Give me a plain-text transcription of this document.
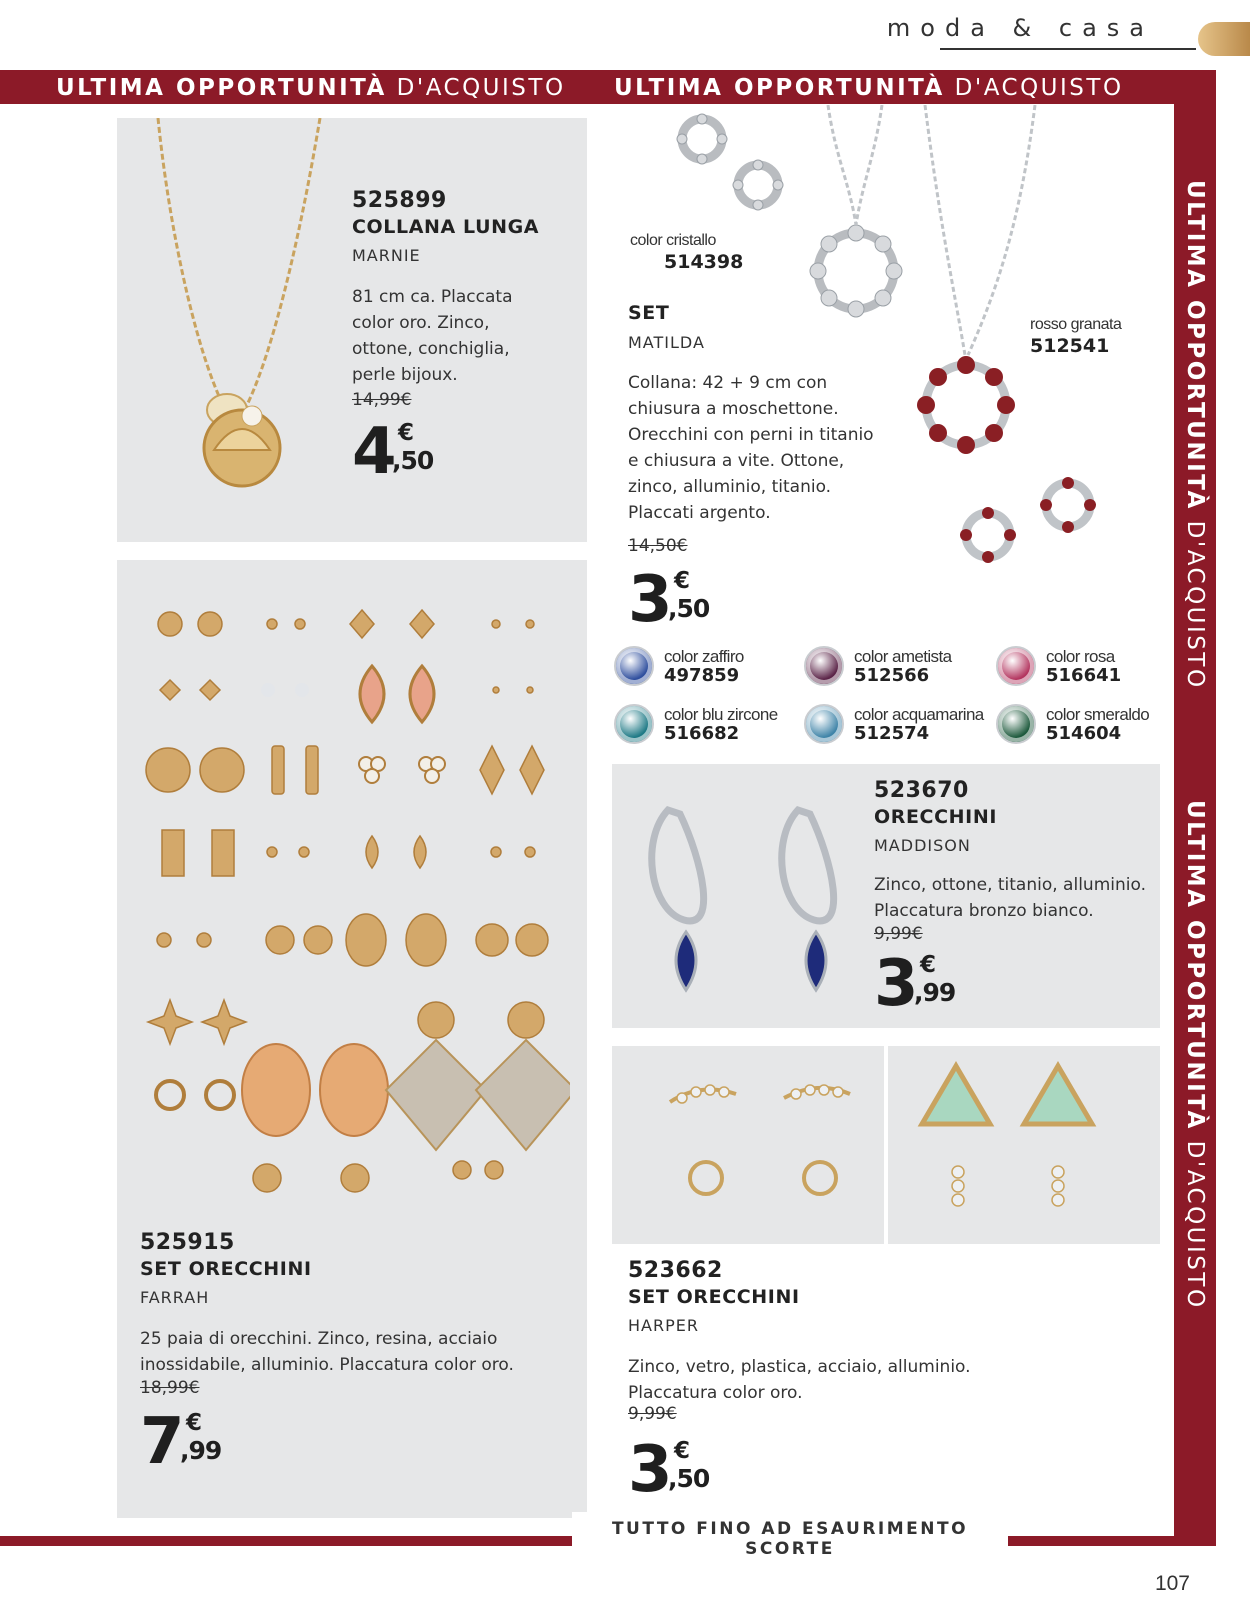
moda & casa
ULTIMA OPPORTUNITÀ D'ACQUISTO ULTIMA OPPORTUNITÀ D'ACQUISTO
ULTIMA OPPORTUNITÀ D'ACQUISTO
ULTIMA OPPORTUNITÀ D'ACQUISTO
525899
COLLANA LUNGA
MARNIE
81 cm ca. Placcata
color oro. Zinco,
ottone, conchiglia,
perle bijoux.
14,99€
4 €
,50
color cristallo
514398
rosso granata
512541
SET
MATILDA
Collana: 42 + 9 cm con
chiusura a moschettone.
Orecchini con perni in titanio
e chiusura a vite. Ottone,
zinco, alluminio, titanio.
Placcati argento.
14,50€
3 €
,50
color zaffiro
497859
color ametista
512566
color rosa
516641
color blu zircone
516682
color acquamarina
512574
color smeraldo
514604
525915
SET ORECCHINI
FARRAH
25 paia di orecchini. Zinco, resina, acciaio
inossidabile, alluminio. Placcatura color oro.
18,99€
7 €
,99
523670
ORECCHINI
MADDISON
Zinco, ottone, titanio, alluminio.
Placcatura bronzo bianco.
9,99€
3 €
,99
523662
SET ORECCHINI
HARPER
Zinco, vetro, plastica, acciaio, alluminio.
Placcatura color oro.
9,99€
3 €
,50
TUTTO FINO AD ESAURIMENTO SCORTE
107
